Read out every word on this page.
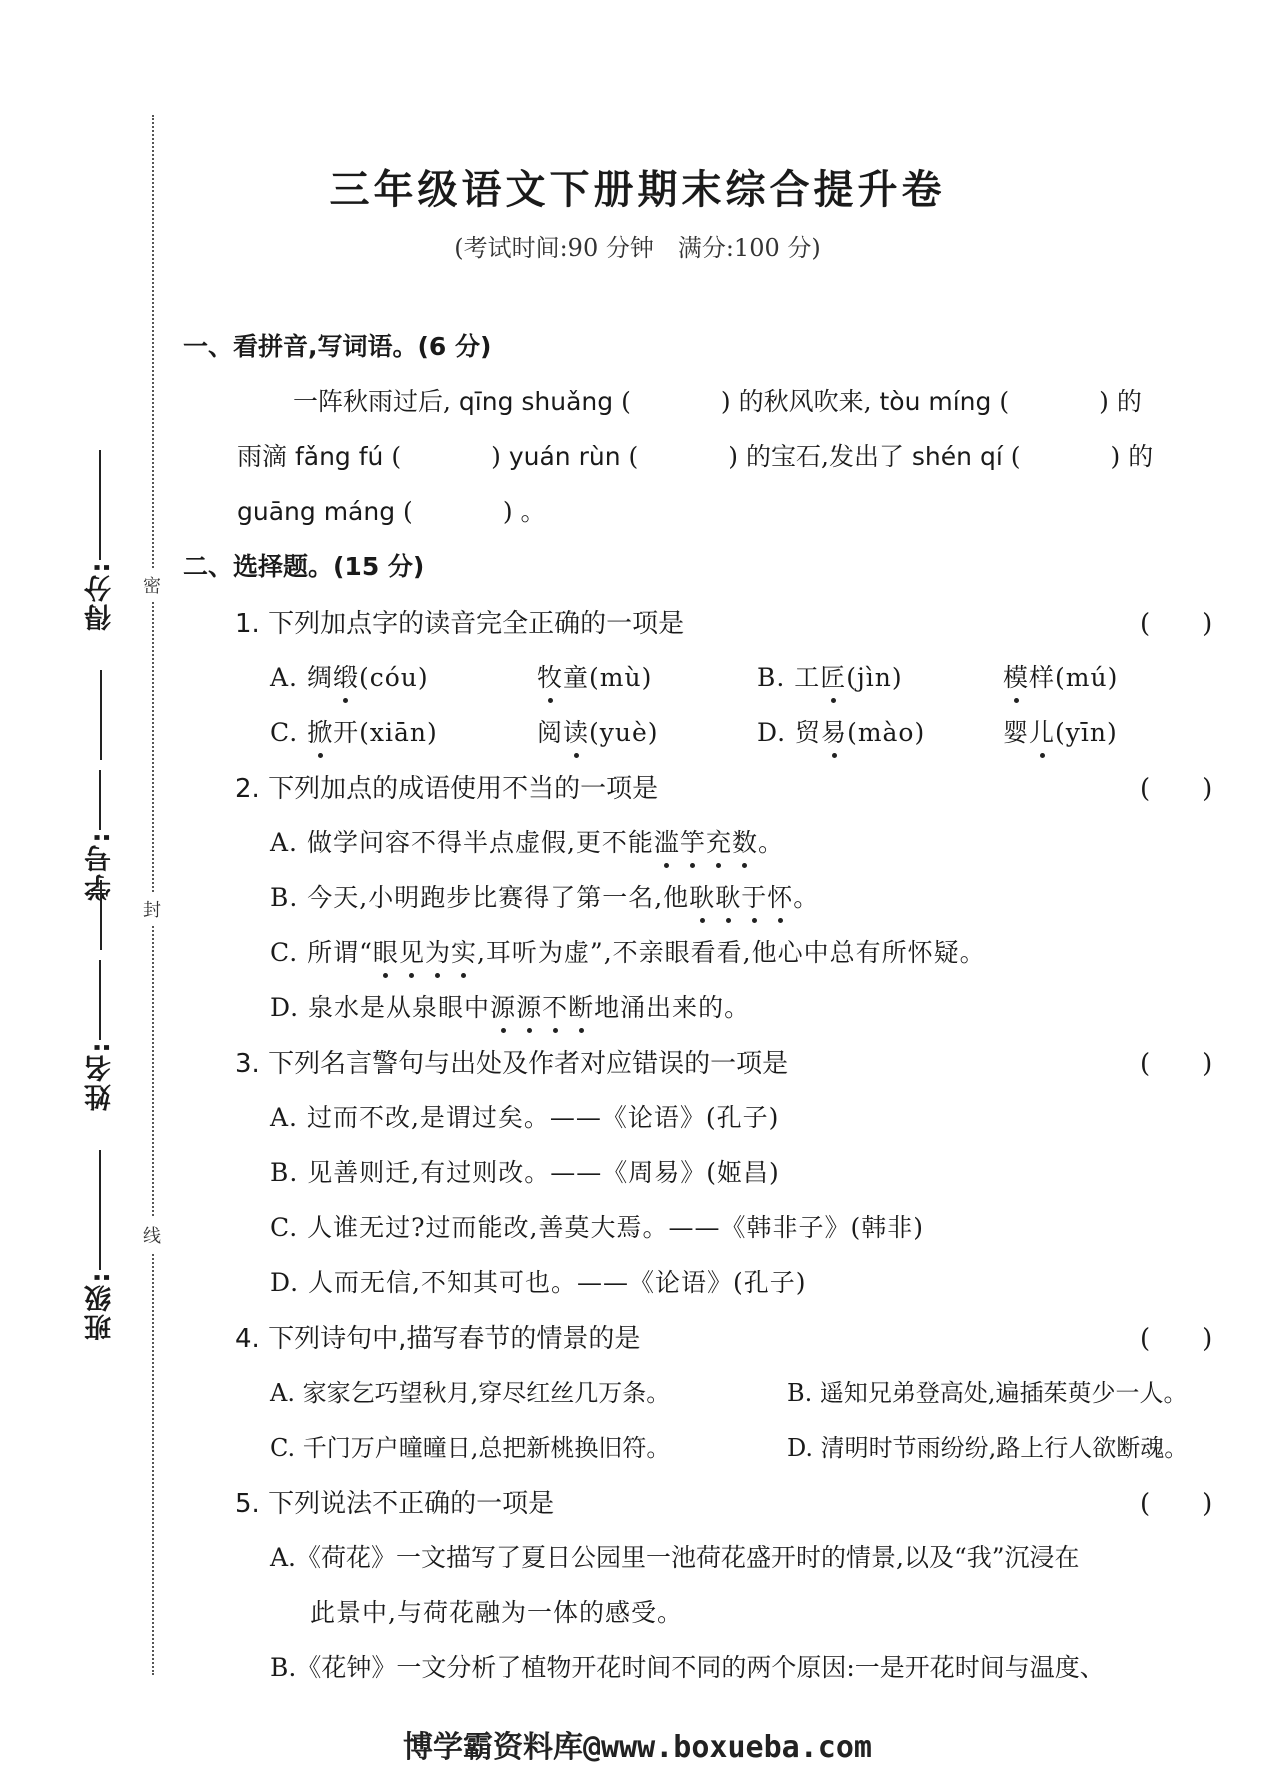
密
封
线
得分:
学号:
姓名:
班级:
三年级语文下册期末综合提升卷
(考试时间:90 分钟　满分:100 分)
一、看拼音,写词语。(6 分)
一阵秋雨过后, qīng shuǎng (	) 的秋风吹来, tòu míng (	) 的
雨滴 fǎng fú (	) yuán rùn (	) 的宝石,发出了 shén qí (	) 的
guāng máng (	) 。
二、选择题。(15 分)
1. 下列加点字的读音完全正确的一项是	(　　)
A. 绸缎(cóu)	牧童(mù)	B. 工匠(jìn)	模样(mú)
C. 掀开(xiān)	阅读(yuè)	D. 贸易(mào)	婴儿(yīn)
2. 下列加点的成语使用不当的一项是	(　　)
A. 做学问容不得半点虚假,更不能滥竽充数。
B. 今天,小明跑步比赛得了第一名,他耿耿于怀。
C. 所谓“眼见为实,耳听为虚”,不亲眼看看,他心中总有所怀疑。
D. 泉水是从泉眼中源源不断地涌出来的。
3. 下列名言警句与出处及作者对应错误的一项是	(　　)
A. 过而不改,是谓过矣。——《论语》(孔子)
B. 见善则迁,有过则改。——《周易》(姬昌)
C. 人谁无过?过而能改,善莫大焉。——《韩非子》(韩非)
D. 人而无信,不知其可也。——《论语》(孔子)
4. 下列诗句中,描写春节的情景的是	(　　)
A. 家家乞巧望秋月,穿尽红丝几万条。	B. 遥知兄弟登高处,遍插茱萸少一人。
C. 千门万户曈曈日,总把新桃换旧符。	D. 清明时节雨纷纷,路上行人欲断魂。
5. 下列说法不正确的一项是	(　　)
A.《荷花》一文描写了夏日公园里一池荷花盛开时的情景,以及“我”沉浸在
此景中,与荷花融为一体的感受。
B.《花钟》一文分析了植物开花时间不同的两个原因:一是开花时间与温度、
博学霸资料库@www.boxueba.com
